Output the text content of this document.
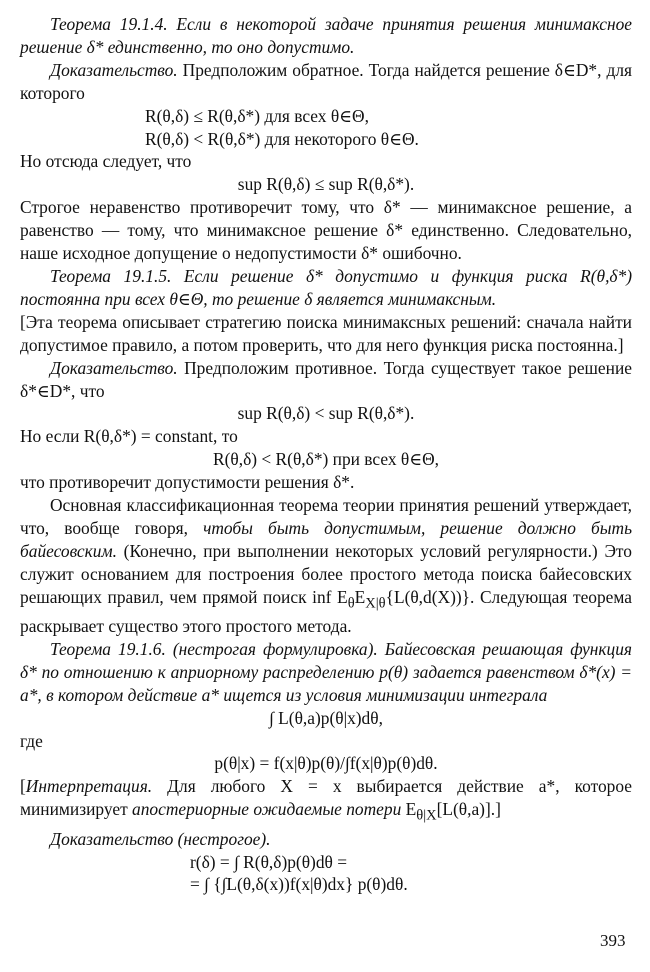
Теорема 19.1.4. Если в некоторой задаче принятия решения минимаксное решение δ* единственно, то оно допустимо.

Доказательство. Предположим обратное. Тогда найдется решение δ∈D*, для которого

R(θ,δ) ≤ R(θ,δ*) для всех θ∈Θ,

R(θ,δ) < R(θ,δ*) для некоторого θ∈Θ.

Но отсюда следует, что

sup R(θ,δ) ≤ sup R(θ,δ*).

Строгое неравенство противоречит тому, что δ* — минимаксное решение, а равенство — тому, что минимаксное решение δ* единственно. Следовательно, наше исходное допущение о недопустимости δ* ошибочно.

Теорема 19.1.5. Если решение δ* допустимо и функция риска R(θ,δ*) постоянна при всех θ∈Θ, то решение δ является минимаксным.

[Эта теорема описывает стратегию поиска минимаксных решений: сначала найти допустимое правило, а потом проверить, что для него функция риска постоянна.]

Доказательство. Предположим противное. Тогда существует такое решение δ*∈D*, что

sup R(θ,δ) < sup R(θ,δ*).

Но если R(θ,δ*) = constant, то

R(θ,δ) < R(θ,δ*) при всех θ∈Θ,

что противоречит допустимости решения δ*.

Основная классификационная теорема теории принятия решений утверждает, что, вообще говоря, чтобы быть допустимым, решение должно быть байесовским. (Конечно, при выполнении некоторых условий регулярности.) Это служит основанием для построения более простого метода поиска байесовских решающих правил, чем прямой поиск inf $E_\theta E_{X|\theta}\{L(\theta,d(X))\}$. Следующая теорема раскрывает существо этого простого метода.

Теорема 19.1.6. (нестрогая формулировка). Байесовская решающая функция δ* по отношению к априорному распределению p(θ) задается равенством δ*(x) = a*, в котором действие a* ищется из условия минимизации интеграла

∫ L(θ,a)p(θ|x)dθ,

где

p(θ|x) = f(x|θ)p(θ)/∫f(x|θ)p(θ)dθ.

[Интерпретация. Для любого X = x выбирается действие a*, которое минимизирует апостериорные ожидаемые потери $E_{\theta|X}[L(\theta,a)]$.]

Доказательство (нестрогое).

r(δ) = ∫ R(θ,δ)p(θ)dθ =

= ∫ {∫L(θ,δ(x))f(x|θ)dx} p(θ)dθ.

393
